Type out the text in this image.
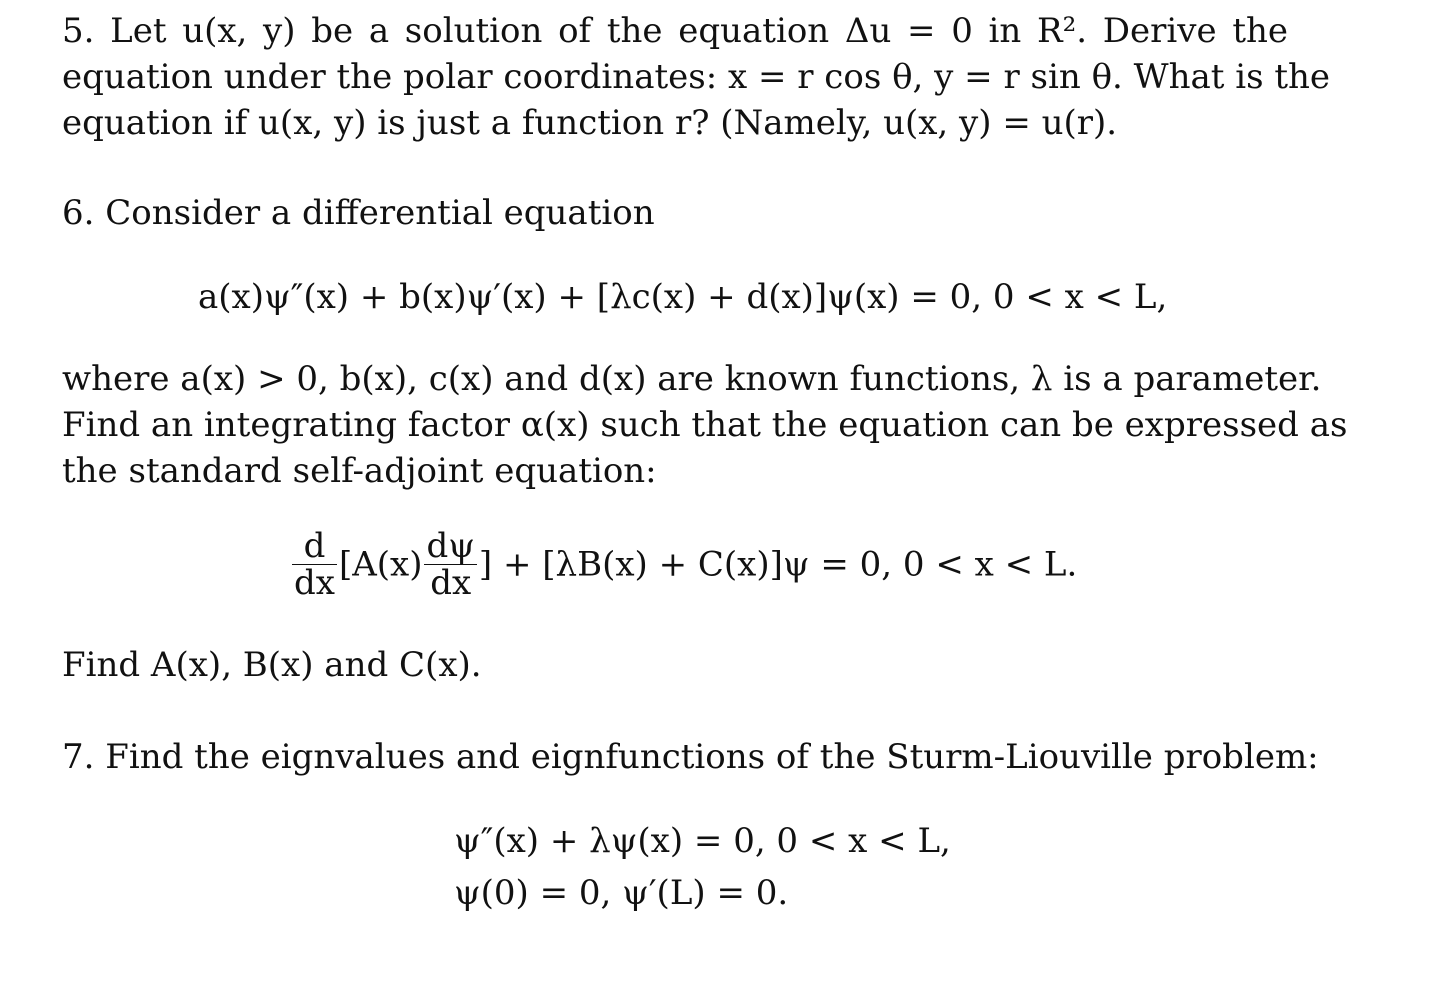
5. Let u(x, y) be a solution of the equation Δu = 0 in R². Derive the
equation under the polar coordinates: x = r cos θ, y = r sin θ. What is the
equation if u(x, y) is just a function r? (Namely, u(x, y) = u(r).
6. Consider a differential equation
a(x)ψ″(x) + b(x)ψ′(x) + [λc(x) + d(x)]ψ(x) = 0, 0 < x < L,
where a(x) > 0, b(x), c(x) and d(x) are known functions, λ is a parameter.
Find an integrating factor α(x) such that the equation can be expressed as
the standard self-adjoint equation:
$\frac{d}{dx} [A(x) \frac{d\psi}{dx}$ ] + [λB(x) + C(x)]ψ = 0, 0 < x < L.
Find A(x), B(x) and C(x).
7. Find the eignvalues and eignfunctions of the Sturm-Liouville problem:
ψ″(x) + λψ(x) = 0, 0 < x < L,
ψ(0) = 0, ψ′(L) = 0.
